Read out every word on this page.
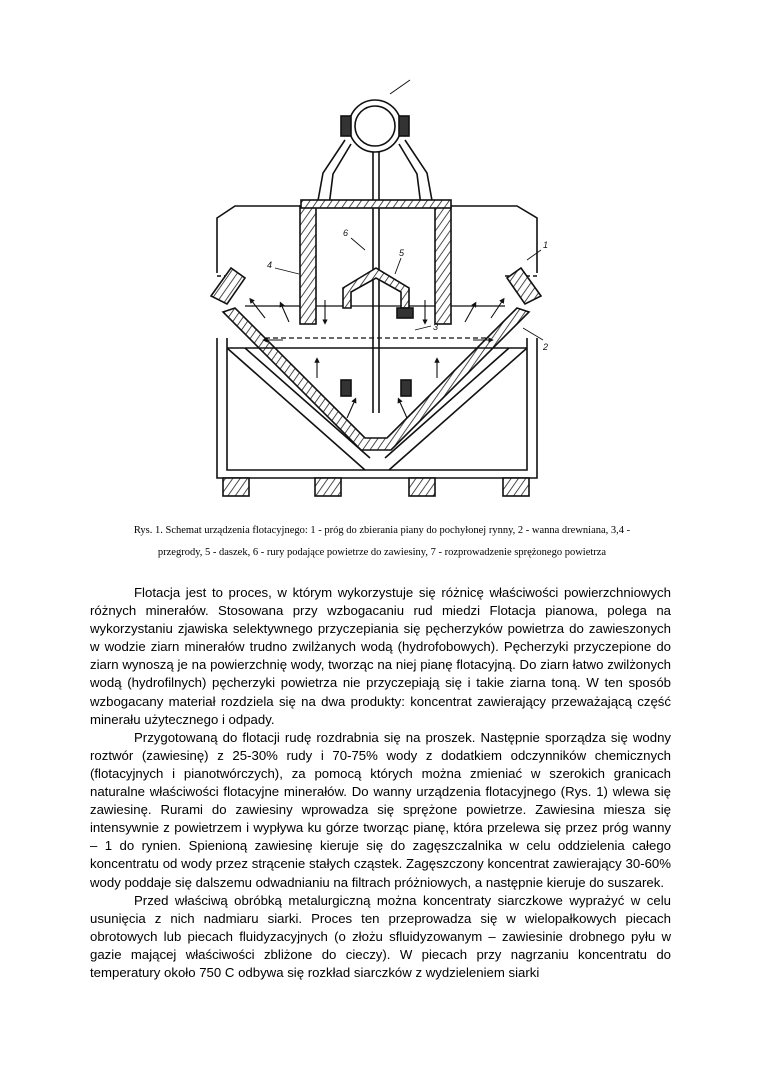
1
2
3
4
5
6
Rys. 1. Schemat urządzenia flotacyjnego: 1 - próg do zbierania piany do pochyłonej rynny, 2 - wanna drewniana, 3,4 -
przegrody, 5 - daszek, 6 - rury podające powietrze do zawiesiny, 7 - rozprowadzenie sprężonego powietrza

Flotacja jest to proces, w którym wykorzystuje się różnicę właściwości powierzchniowych różnych minerałów. Stosowana przy wzbogacaniu rud miedzi Flotacja pianowa, polega na wykorzystaniu zjawiska selektywnego przyczepiania się pęcherzyków powietrza do zawieszonych w wodzie ziarn minerałów trudno zwilżanych wodą (hydrofobowych). Pęcherzyki przyczepione do ziarn wynoszą je na powierzchnię wody, tworząc na niej pianę flotacyjną. Do ziarn łatwo zwilżonych wodą (hydrofilnych) pęcherzyki powietrza nie przyczepiają się i takie ziarna toną. W ten sposób wzbogacany materiał rozdziela się na dwa produkty: koncentrat zawierający przeważającą część minerału użytecznego i odpady.

Przygotowaną do flotacji rudę rozdrabnia się na proszek. Następnie sporządza się wodny roztwór (zawiesinę) z 25-30% rudy i 70-75% wody z dodatkiem odczynników chemicznych (flotacyjnych i pianotwórczych), za pomocą których można zmieniać w szerokich granicach naturalne właściwości flotacyjne minerałów. Do wanny urządzenia flotacyjnego (Rys. 1) wlewa się zawiesinę. Rurami do zawiesiny wprowadza się sprężone powietrze. Zawiesina miesza się intensywnie z powietrzem i wypływa ku górze tworząc pianę, która przelewa się przez próg wanny – 1 do rynien. Spienioną zawiesinę kieruje się do zagęszczalnika w celu oddzielenia całego koncentratu od wody przez strącenie stałych cząstek. Zagęszczony koncentrat zawierający 30-60% wody poddaje się dalszemu odwadnianiu na filtrach próżniowych, a następnie kieruje do suszarek.

Przed właściwą obróbką metalurgiczną można koncentraty siarczkowe wyprażyć w celu usunięcia z nich nadmiaru siarki. Proces ten przeprowadza się w wielopałkowych piecach obrotowych lub piecach fluidyzacyjnych (o złożu sfluidyzowanym – zawiesinie drobnego pyłu w gazie mającej właściwości zbliżone do cieczy). W piecach przy nagrzaniu koncentratu do temperatury około 750 C odbywa się rozkład siarczków z wydzieleniem siarki
